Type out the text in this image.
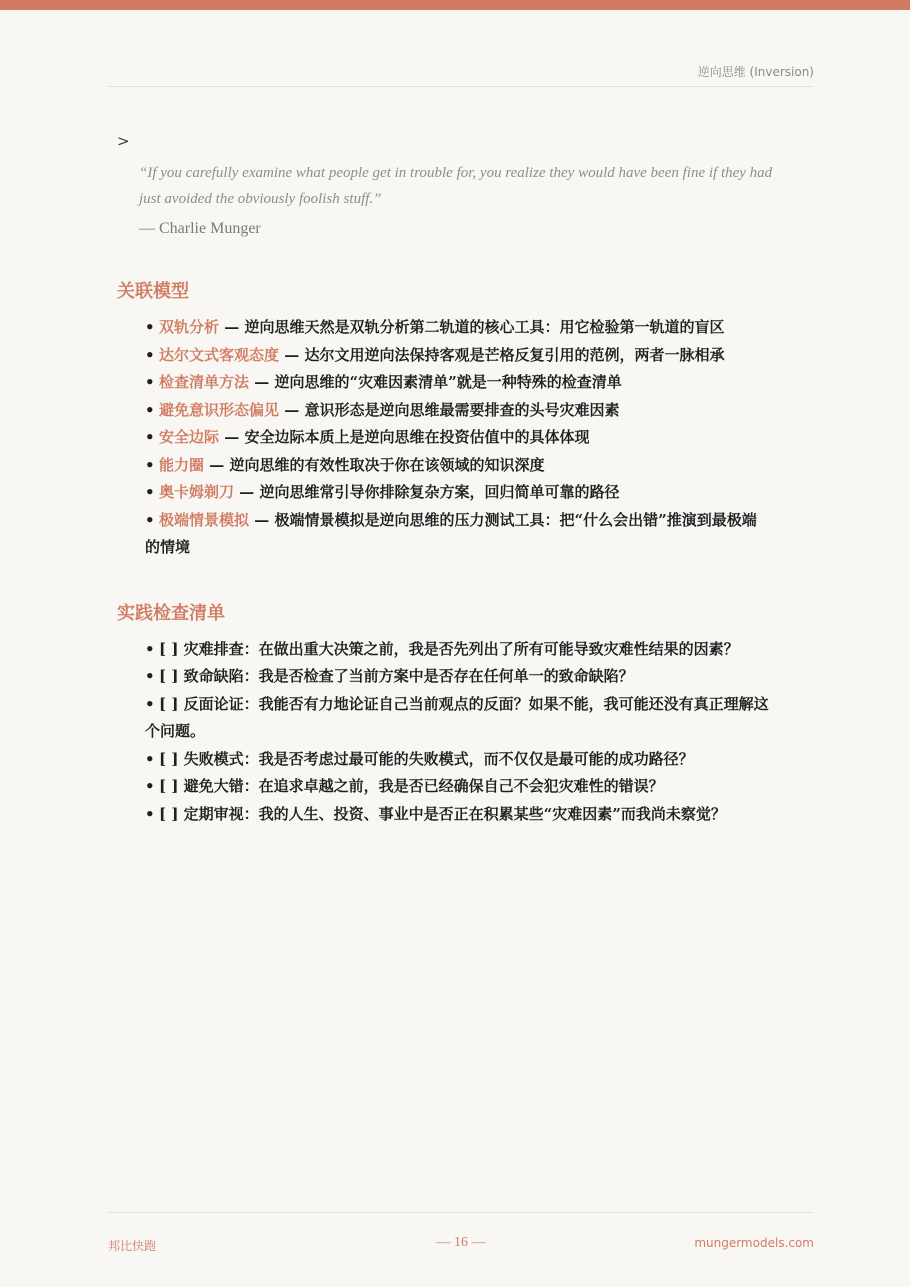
逆向思维 (Inversion)
>
“If you carefully examine what people get in trouble for, you realize they would have been fine if they had just avoided the obviously foolish stuff.”
— Charlie Munger
关联模型
• 双轨分析 — 逆向思维天然是双轨分析第二轨道的核心工具：用它检验第一轨道的盲区
• 达尔文式客观态度 — 达尔文用逆向法保持客观是芒格反复引用的范例，两者一脉相承
• 检查清单方法 — 逆向思维的“灾难因素清单”就是一种特殊的检查清单
• 避免意识形态偏见 — 意识形态是逆向思维最需要排查的头号灾难因素
• 安全边际 — 安全边际本质上是逆向思维在投资估值中的具体体现
• 能力圈 — 逆向思维的有效性取决于你在该领域的知识深度
• 奥卡姆剃刀 — 逆向思维常引导你排除复杂方案，回归简单可靠的路径
• 极端情景模拟 — 极端情景模拟是逆向思维的压力测试工具：把“什么会出错”推演到最极端
的情境
实践检查清单
• [ ] 灾难排查：在做出重大决策之前，我是否先列出了所有可能导致灾难性结果的因素？
• [ ] 致命缺陷：我是否检查了当前方案中是否存在任何单一的致命缺陷？
• [ ] 反面论证：我能否有力地论证自己当前观点的反面？如果不能，我可能还没有真正理解这
个问题。
• [ ] 失败模式：我是否考虑过最可能的失败模式，而不仅仅是最可能的成功路径？
• [ ] 避免大错：在追求卓越之前，我是否已经确保自己不会犯灾难性的错误？
• [ ] 定期审视：我的人生、投资、事业中是否正在积累某些“灾难因素”而我尚未察觉？
邦比快跑	— 16 —	mungermodels.com
